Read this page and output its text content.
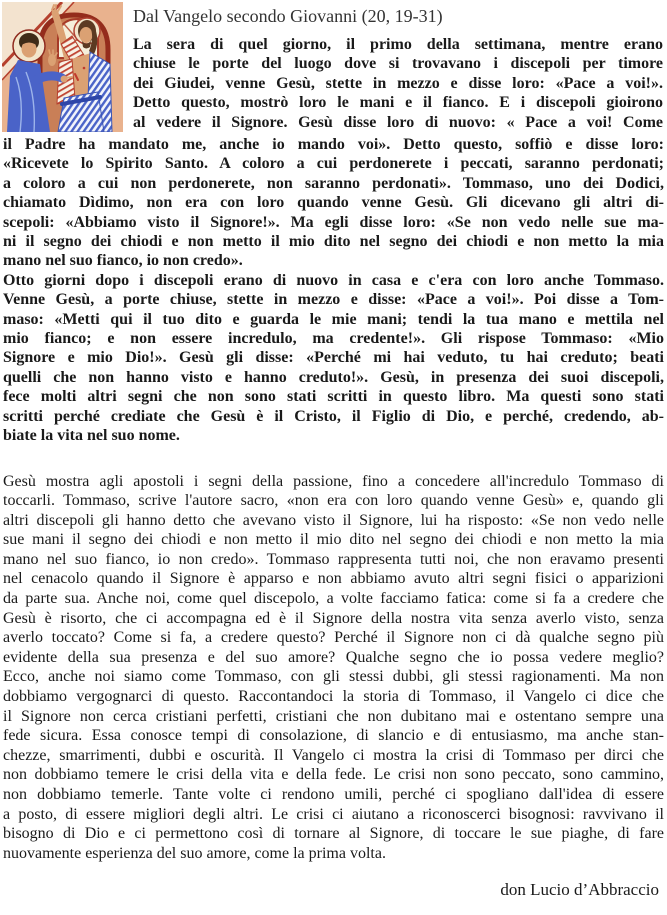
Dal Vangelo secondo Giovanni (20, 19-31)
La sera di quel giorno, il primo della settimana, mentre erano
chiuse le porte del luogo dove si trovavano i discepoli per timore
dei Giudei, venne Gesù, stette in mezzo e disse loro: «Pace a voi!».
Detto questo, mostrò loro le mani e il fianco. E i discepoli gioirono
al vedere il Signore. Gesù disse loro di nuovo: « Pace a voi! Come
il Padre ha mandato me, anche io mando voi». Detto questo, soffiò e disse loro:
«Ricevete lo Spirito Santo. A coloro a cui perdonerete i peccati, saranno perdonati;
a coloro a cui non perdonerete, non saranno perdonati». Tommaso, uno dei Dodici,
chiamato Dìdimo, non era con loro quando venne Gesù. Gli dicevano gli altri di-
scepoli: «Abbiamo visto il Signore!». Ma egli disse loro: «Se non vedo nelle sue ma-
ni il segno dei chiodi e non metto il mio dito nel segno dei chiodi e non metto la mia
mano nel suo fianco, io non credo».
Otto giorni dopo i discepoli erano di nuovo in casa e c'era con loro anche Tommaso.
Venne Gesù, a porte chiuse, stette in mezzo e disse: «Pace a voi!». Poi disse a Tom-
maso: «Metti qui il tuo dito e guarda le mie mani; tendi la tua mano e mettila nel
mio fianco; e non essere incredulo, ma credente!». Gli rispose Tommaso: «Mio
Signore e mio Dio!». Gesù gli disse: «Perché mi hai veduto, tu hai creduto; beati
quelli che non hanno visto e hanno creduto!». Gesù, in presenza dei suoi discepoli,
fece molti altri segni che non sono stati scritti in questo libro. Ma questi sono stati
scritti perché crediate che Gesù è il Cristo, il Figlio di Dio, e perché, credendo, ab-
biate la vita nel suo nome.
Gesù mostra agli apostoli i segni della passione, fino a concedere all'incredulo Tommaso di
toccarli. Tommaso, scrive l'autore sacro, «non era con loro quando venne Gesù» e, quando gli
altri discepoli gli hanno detto che avevano visto il Signore, lui ha risposto: «Se non vedo nelle
sue mani il segno dei chiodi e non metto il mio dito nel segno dei chiodi e non metto la mia
mano nel suo fianco, io non credo». Tommaso rappresenta tutti noi, che non eravamo presenti
nel cenacolo quando il Signore è apparso e non abbiamo avuto altri segni fisici o apparizioni
da parte sua. Anche noi, come quel discepolo, a volte facciamo fatica: come si fa a credere che
Gesù è risorto, che ci accompagna ed è il Signore della nostra vita senza averlo visto, senza
averlo toccato? Come si fa, a credere questo? Perché il Signore non ci dà qualche segno più
evidente della sua presenza e del suo amore? Qualche segno che io possa vedere meglio?
Ecco, anche noi siamo come Tommaso, con gli stessi dubbi, gli stessi ragionamenti. Ma non
dobbiamo vergognarci di questo. Raccontandoci la storia di Tommaso, il Vangelo ci dice che
il Signore non cerca cristiani perfetti, cristiani che non dubitano mai e ostentano sempre una
fede sicura. Essa conosce tempi di consolazione, di slancio e di entusiasmo, ma anche stan-
chezze, smarrimenti, dubbi e oscurità. Il Vangelo ci mostra la crisi di Tommaso per dirci che
non dobbiamo temere le crisi della vita e della fede. Le crisi non sono peccato, sono cammino,
non dobbiamo temerle. Tante volte ci rendono umili, perché ci spogliano dall'idea di essere
a posto, di essere migliori degli altri. Le crisi ci aiutano a riconoscerci bisognosi: ravvivano il
bisogno di Dio e ci permettono così di tornare al Signore, di toccare le sue piaghe, di fare
nuovamente esperienza del suo amore, come la prima volta.
don Lucio d’Abbraccio
